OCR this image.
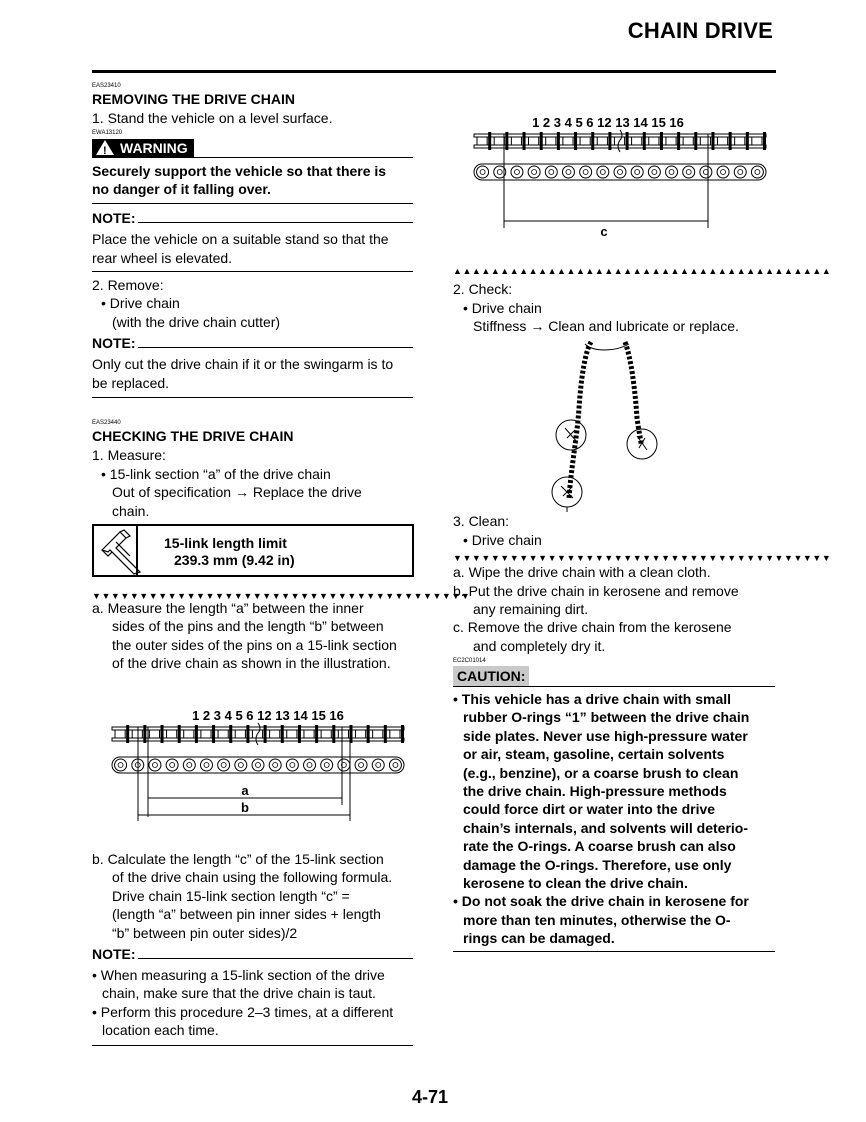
CHAIN DRIVE
EAS23410
REMOVING THE DRIVE CHAIN
1. Stand the vehicle on a level surface.
EWA13120
! WARNING
Securely support the vehicle so that there is
no danger of it falling over.
NOTE:
Place the vehicle on a suitable stand so that the
rear wheel is elevated.
2. Remove:
• Drive chain
(with the drive chain cutter)
NOTE:
Only cut the drive chain if it or the swingarm is to
be replaced.
EAS23440
CHECKING THE DRIVE CHAIN
1. Measure:
• 15-link section “a” of the drive chain
Out of specification → Replace the drive
chain.
15-link length limit
239.3 mm (9.42 in)
▼▼▼▼▼▼▼▼▼▼▼▼▼▼▼▼▼▼▼▼▼▼▼▼▼▼▼▼▼▼▼▼▼▼▼▼▼▼▼▼
a. Measure the length “a” between the inner
sides of the pins and the length “b” between
the outer sides of the pins on a 15-link section
of the drive chain as shown in the illustration.
1 2 3 4 5 6 12 13 14 15 16
a
b
b. Calculate the length “c” of the 15-link section
of the drive chain using the following formula.
Drive chain 15-link section length “c” =
(length “a” between pin inner sides + length
“b” between pin outer sides)/2
NOTE:
• When measuring a 15-link section of the drive
chain, make sure that the drive chain is taut.
• Perform this procedure 2–3 times, at a different
location each time.
1 2 3 4 5 6 12 13 14 15 16
c
▲▲▲▲▲▲▲▲▲▲▲▲▲▲▲▲▲▲▲▲▲▲▲▲▲▲▲▲▲▲▲▲▲▲▲▲▲▲▲▲
2. Check:
• Drive chain
Stiffness → Clean and lubricate or replace.
3. Clean:
• Drive chain
▼▼▼▼▼▼▼▼▼▼▼▼▼▼▼▼▼▼▼▼▼▼▼▼▼▼▼▼▼▼▼▼▼▼▼▼▼▼▼▼
a. Wipe the drive chain with a clean cloth.
b. Put the drive chain in kerosene and remove
any remaining dirt.
c. Remove the drive chain from the kerosene
and completely dry it.
EC2C01014
CAUTION:
• This vehicle has a drive chain with small
rubber O-rings “1” between the drive chain
side plates. Never use high-pressure water
or air, steam, gasoline, certain solvents
(e.g., benzine), or a coarse brush to clean
the drive chain. High-pressure methods
could force dirt or water into the drive
chain’s internals, and solvents will deterio-
rate the O-rings. A coarse brush can also
damage the O-rings. Therefore, use only
kerosene to clean the drive chain.
• Do not soak the drive chain in kerosene for
more than ten minutes, otherwise the O-
rings can be damaged.
4-71
